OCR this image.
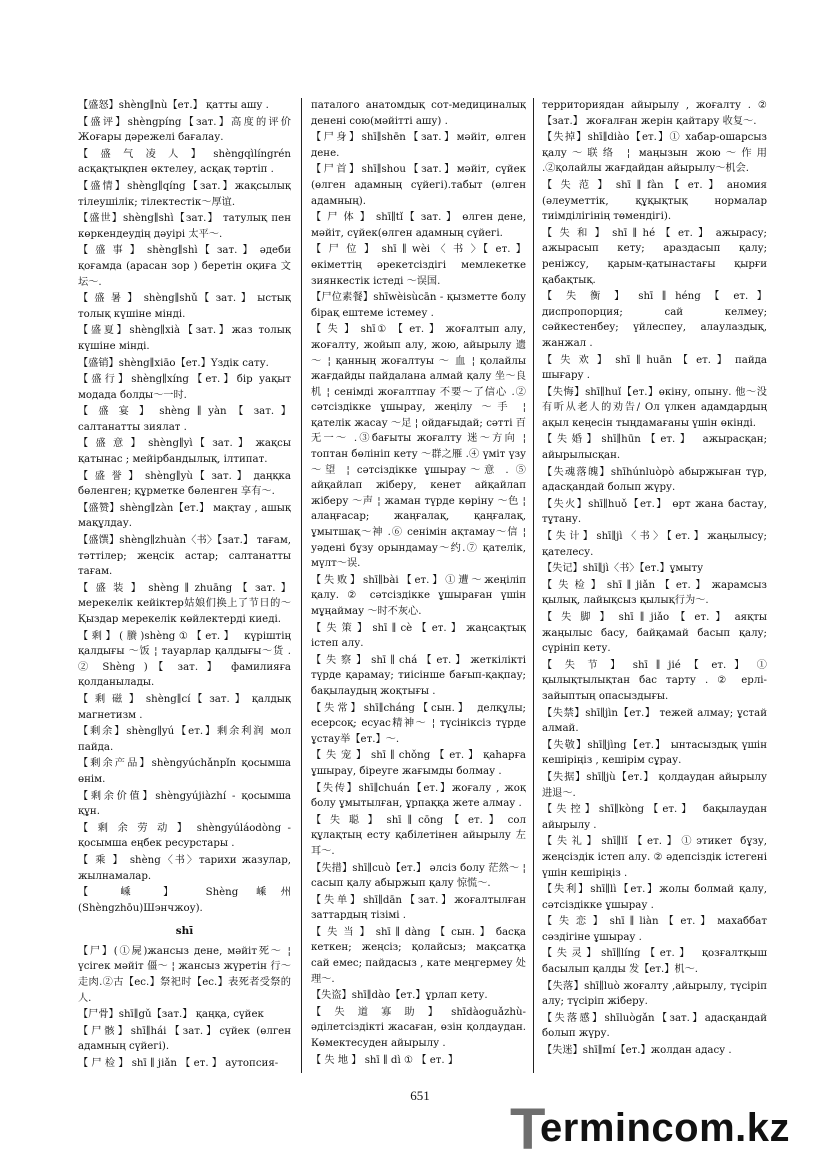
【盛怒】shèng∥nù【ет.】 қатты ашу .
【盛评】shèngpíng【зат.】高度的评价 Жоғары дәрежелі бағалау.
【 盛 气 凌 人 】 shèngqìlíngrén асқақтықпен өктелеу, асқақ тәртіп .
【盛情】shèng∥qíng【зат.】жақсылық тілеушілік; тілектестік～厚谊.
【盛世】shèng∥shì【зат.】 татулық пен көркендеудің дәуірі 太平～.
【 盛 事 】 shèng∥shì【 зат. 】 әдеби қоғамда (арасан зор ) беретін оқиға 文坛～.
【 盛 暑 】 shèng∥shǔ【 зат. 】 ыстық толық күшіне міндi.
【盛夏】shèng∥xià【зат.】жаз толық күшіне міндi.
【盛销】shèng∥xiāo【ет.】Үздік сату.
【盛行】shèng∥xíng【ет.】бір уақыт модада болды～一时.
【 盛 宴 】 shèng ∥ yàn 【 зат. 】 салтанатты зиялат .
【 盛 意 】 shèng∥yì【 зат. 】 жақсы қатынас ; мейірбандылық, ілтипат.
【 盛 誉 】 shèng∥yù【 зат. 】 даңқка бөленген; құрметке бөленген 享有～.
【盛赞】shèng∥zàn【ет.】 мақтау , ашық мақұлдау.
【盛馔】shèng∥zhuàn〈书〉【зат.】 тағам, тәттілер; жеңсік астар; салтанатты тағам.
【 盛 装 】 shèng ∥ zhuāng 【 зат. 】 мерекелік кейіктер姑娘们换上了节日的～Қыздар мерекелік көйлектерді киеді.
【剩】(賸)shèng①【ет.】 күріштің қалдығы ～饭 ¦ тауарлар қалдығы～货 . ② Shèng )【 зат. 】 фамилияға қолданылады.
【 剩 磁 】 shèng∥cí【 зат. 】 қалдық магнетизм .
【剩余】shèng∥yú【ет.】剩余利润 мол пайда.
【剩余产品】shèngyúchǎnpǐn қосымша өнім.
【剩余价值】shèngyújiàzhí - қосымша құн.
【 剩 余 劳 动 】 shèngyúláodòng - қосымша еңбек ресурстары .
【 乘 】 shèng〈书〉тарихи жазулар, жылнамалар.
【 嵊 】 Shèng 嵊州 (Shèngzhōu)Шэнчжоу).
shī
【尸】(①屍)жансыз дене, мәйіт死～ ¦ үсігек мәйіт 僵～ ¦ жансыз жүретін 行～走肉.②古【ес.】祭祀时【ес.】表死者受祭的人.
【尸骨】shī∥gǔ【зат.】 қаңқа, сүйек
【尸骸】shī∥hái【зат.】сүйек (өлген адамның сүйегі).
【 尸 检 】 shī ∥ jiǎn 【 ет. 】 аутопсия-
паталого анатомдық сот-медициналық денені сою(мәйітті ашу) .
【尸身】shī∥shēn【зат.】мәйіт, өлген дене.
【尸首】shī∥shou【зат.】мәйіт, сүйек (өлген адамның сүйегі).табыт (өлген адамның).
【 尸 体 】 shī∥tǐ【 зат. 】 өлген дене, мәйіт, сүйек(өлген адамның сүйегі.
【 尸 位 】 shī ∥ wèi 〈 书 〉【 ет. 】 өкіметтің әрекетсіздігі мемлекетке зиянкестік істеді ～误国.
【尸位素餐】shīwèisùcān - қызметте болу бірақ ештеме істемеу .
【 失 】 shī① 【 ет. 】 жоғалтып алу, жоғалту, жойып алу, жою, айырылу 遗 ～ ¦ қанның жоғалтуы ～ 血 ¦ қолайлы жағдайды пайдалана алмай қалу 坐～良机 ¦ сенімді жоғалтпау 不要～了信心 .② сәтсіздікке ұшырау, жеңілу ～手 ¦ қателік жасау ～足 ¦ ойдағыдай; сәтті 百无一～ .③бағыты жоғалту 迷～方向 ¦ топтан бөлініп кету ～群之雁 .④ үміт үзу～望 ¦ сәтсіздікке ұшырау～意 . ⑤ айқайлап жіберу, кенет айқайлап жіберу ～声 ¦ жаман түрде көріну ～色 ¦ алаңғасар; жаңғалақ, қаңғалақ, ұмытшақ～神 .⑥ сенімін ақтамау～信 ¦ уәдені бұзу орындамау～约.⑦ қателік, мүлт～误.
【失败】shī∥bài【ет.】①遭～жеңіліп қалу. ② сәтсіздікке ұшыраған үшін мұңаймау ～时不灰心.
【 失 策 】 shī ∥ cè 【 ет. 】 жаңсақтық істеп алу.
【 失 察 】 shī ∥ chá 【 ет. 】 жеткілікті түрде қарамау; тиісінше бағып-қақпау; бақылаудың жоқтығы .
【失常】shī∥cháng【сын.】 делқұлы; есерсоқ; есуас精神～ ¦ түсінікcіз түрде ұстау举【ет.】～.
【 失 宠 】 shī ∥ chǒng 【 ет. 】 қаһарға ұшырау, біреуге жағымды болмау .
【失传】shī∥chuán【ет.】жоғалу , жоқ болу ұмытылған, ұрпаққа жете алмау .
【 失 聪 】 shī ∥ cōng 【 ет. 】 сол құлақтың есту қабілетінен айырылу 左耳～.
【失措】shī∥cuò【ет.】 әлсіз болу 茫然～ ¦ сасып қалу абыржып қалу 惊慌～.
【失单】shī∥dān【зат.】жоғалтылған заттардың тізімі .
【 失 当 】 shī ∥ dàng 【 сын. 】 басқа кеткен; жеңсіз; қолайсыз; мақсатқа сай емес; пайдасыз , кате меңгермеу 处理～.
【失盗】shī∥dào【ет.】ұрлап кету.
【 失 道 寡 助 】 shīdàoguǎzhù- әділетсіздікті жасаған, өзін қолдаудан. Көмектесуден айырылу .
【 失 地 】 shī ∥ dì ① 【 ет. 】
территориядан айырылу , жоғалту . ② 【зат.】 жоғалған жерін қайтару 收复～.
【失掉】shī∥diào【ет.】① хабар-ошарсыз қалу～联络 ¦ маңызын жою～作用 .②қолайлы жағдайдан айырылу～机会.
【 失 范 】 shī ∥ fàn 【 ет. 】 аномия (әлеуметтік, құқықтық нормалар тиімділігінің төмендігі).
【 失 和 】 shī ∥ hé 【 ет. 】 ажырасу; ажырасып кету; араздасып қалу; реніжсу, қарым-қатынастағы қырғи қабақтық.
【 失 衡 】 shī ∥ héng 【 ет. 】 диспропорция; сай келмеу; сәйкестенбеу; үйлеспеу, алаулаздық, жанжал .
【 失 欢 】 shī ∥ huān 【 ет. 】 пайда шығару .
【失悔】shī∥huǐ【ет.】өкіну, опыну. 他～没有听从老人的劝告/ Ол үлкен адамдардың ақыл кеңесін тыңдамағаны үшін өкінді.
【失婚】shī∥hūn【ет.】 ажырасқан; айырылысқан.
【失魂落魄】shīhúnluòpò абыржыған түр, адасқандай болып жүру.
【失火】shī∥huǒ【ет.】 өрт жана бастау, тұтану.
【失计】shī∥jì〈书〉【ет.】жаңылысу; қателесу.
【失记】shī∥jì〈书〉【ет.】ұмыту
【 失 检 】 shī ∥ jiǎn 【 ет. 】 жарамсыз қылық, лайықсыз қылық行为～.
【 失 脚 】 shī ∥ jiǎo 【 ет. 】 аяқты жаңылыс басу, байқамай басып қалу; сүрініп кету.
【 失 节 】 shī ∥ jié 【 ет. 】 ① қылықтылықтан бас тарту . ② ерлі-зайыптың опасыздығы.
【失禁】shī∥jìn【ет.】 тежей алмау; ұстай алмай.
【失敬】shī∥jìng【ет.】 ынтасыздық үшін кешіріңіз , кешірім сұрау.
【失据】shī∥jù【ет.】 қолдаудан айырылу进退～.
【失控】shī∥kòng【ет.】 бақылаудан айырылу .
【失礼】shī∥lǐ【ет.】①этикет бұзу, жеңсіздік істеп алу. ② әдепсіздік істегені үшін кешіріңіз .
【失利】shī∥lì【ет.】жолы болмай қалу, сәтсіздікке ұшырау .
【 失 恋 】 shī ∥ liàn 【 ет. 】 махаббат сәздігіне ұшырау .
【失灵】shī∥líng【ет.】 қозғалтқыш басылып қалды 发【ет.】机～.
【失落】shī∥luò жоғалту ,айырылу, түсіріп алу; түсіріп жіберу.
【失落感】shīluògǎn【зат.】адасқандай болып жүру.
【失迷】shī∥mí【ет.】жолдан адасу .
651
T
ermincom.kz
